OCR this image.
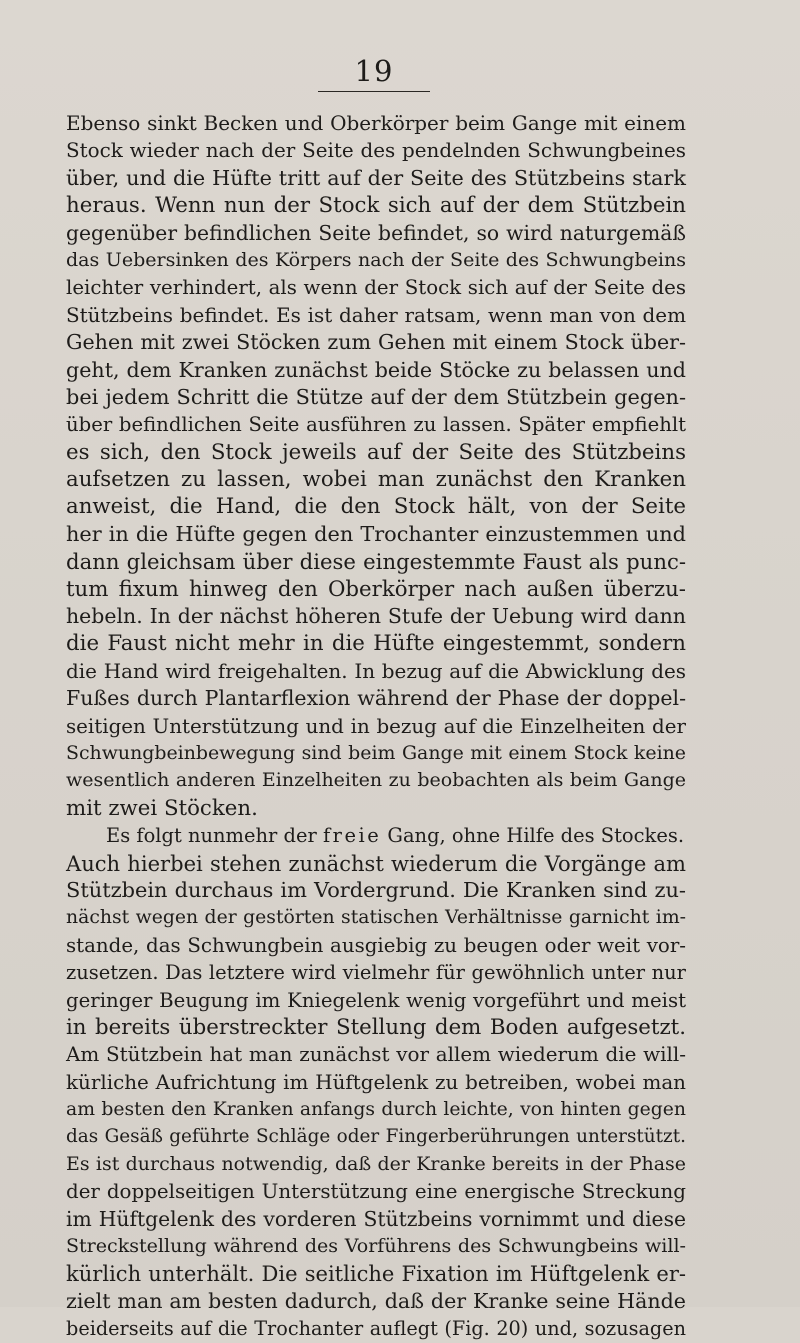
19
Ebenso sinkt Becken und Oberkörper beim Gange mit einem
Stock wieder nach der Seite des pendelnden Schwungbeines
über, und die Hüfte tritt auf der Seite des Stützbeins stark
heraus. Wenn nun der Stock sich auf der dem Stützbein
gegenüber befindlichen Seite befindet, so wird naturgemäß
das Uebersinken des Körpers nach der Seite des Schwungbeins
leichter verhindert, als wenn der Stock sich auf der Seite des
Stützbeins befindet. Es ist daher ratsam, wenn man von dem
Gehen mit zwei Stöcken zum Gehen mit einem Stock über-
geht, dem Kranken zunächst beide Stöcke zu belassen und
bei jedem Schritt die Stütze auf der dem Stützbein gegen-
über befindlichen Seite ausführen zu lassen. Später empfiehlt
es sich, den Stock jeweils auf der Seite des Stützbeins
aufsetzen zu lassen, wobei man zunächst den Kranken
anweist, die Hand, die den Stock hält, von der Seite
her in die Hüfte gegen den Trochanter einzustemmen und
dann gleichsam über diese eingestemmte Faust als punc-
tum fixum hinweg den Oberkörper nach außen überzu-
hebeln. In der nächst höheren Stufe der Uebung wird dann
die Faust nicht mehr in die Hüfte eingestemmt, sondern
die Hand wird freigehalten. In bezug auf die Abwicklung des
Fußes durch Plantarflexion während der Phase der doppel-
seitigen Unterstützung und in bezug auf die Einzelheiten der
Schwungbeinbewegung sind beim Gange mit einem Stock keine
wesentlich anderen Einzelheiten zu beobachten als beim Gange
mit zwei Stöcken.
Es folgt nunmehr der freie Gang, ohne Hilfe des Stockes.
Auch hierbei stehen zunächst wiederum die Vorgänge am
Stützbein durchaus im Vordergrund. Die Kranken sind zu-
nächst wegen der gestörten statischen Verhältnisse garnicht im-
stande, das Schwungbein ausgiebig zu beugen oder weit vor-
zusetzen. Das letztere wird vielmehr für gewöhnlich unter nur
geringer Beugung im Kniegelenk wenig vorgeführt und meist
in bereits überstreckter Stellung dem Boden aufgesetzt.
Am Stützbein hat man zunächst vor allem wiederum die will-
kürliche Aufrichtung im Hüftgelenk zu betreiben, wobei man
am besten den Kranken anfangs durch leichte, von hinten gegen
das Gesäß geführte Schläge oder Fingerberührungen unterstützt.
Es ist durchaus notwendig, daß der Kranke bereits in der Phase
der doppelseitigen Unterstützung eine energische Streckung
im Hüftgelenk des vorderen Stützbeins vornimmt und diese
Streckstellung während des Vorführens des Schwungbeins will-
kürlich unterhält. Die seitliche Fixation im Hüftgelenk er-
zielt man am besten dadurch, daß der Kranke seine Hände
beiderseits auf die Trochanter auflegt (Fig. 20) und, sozusagen
